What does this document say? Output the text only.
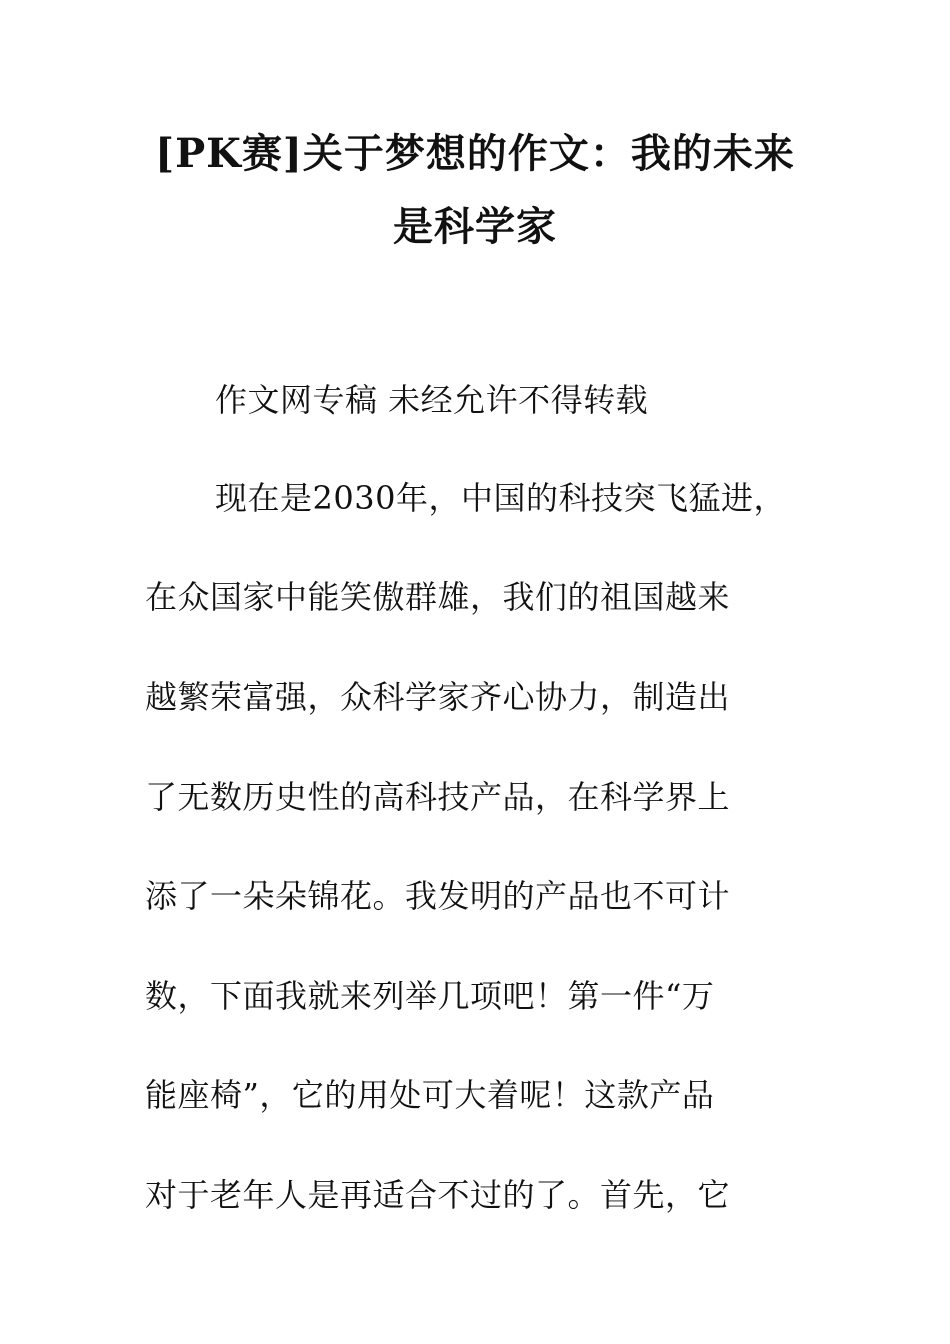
[PK赛]关于梦想的作文：我的未来
是科学家
作文网专稿 未经允许不得转载
现在是2030年，中国的科技突飞猛进，
在众国家中能笑傲群雄，我们的祖国越来
越繁荣富强，众科学家齐心协力，制造出
了无数历史性的高科技产品，在科学界上
添了一朵朵锦花。我发明的产品也不可计
数，下面我就来列举几项吧！第一件“万
能座椅”，它的用处可大着呢！这款产品
对于老年人是再适合不过的了。首先，它
